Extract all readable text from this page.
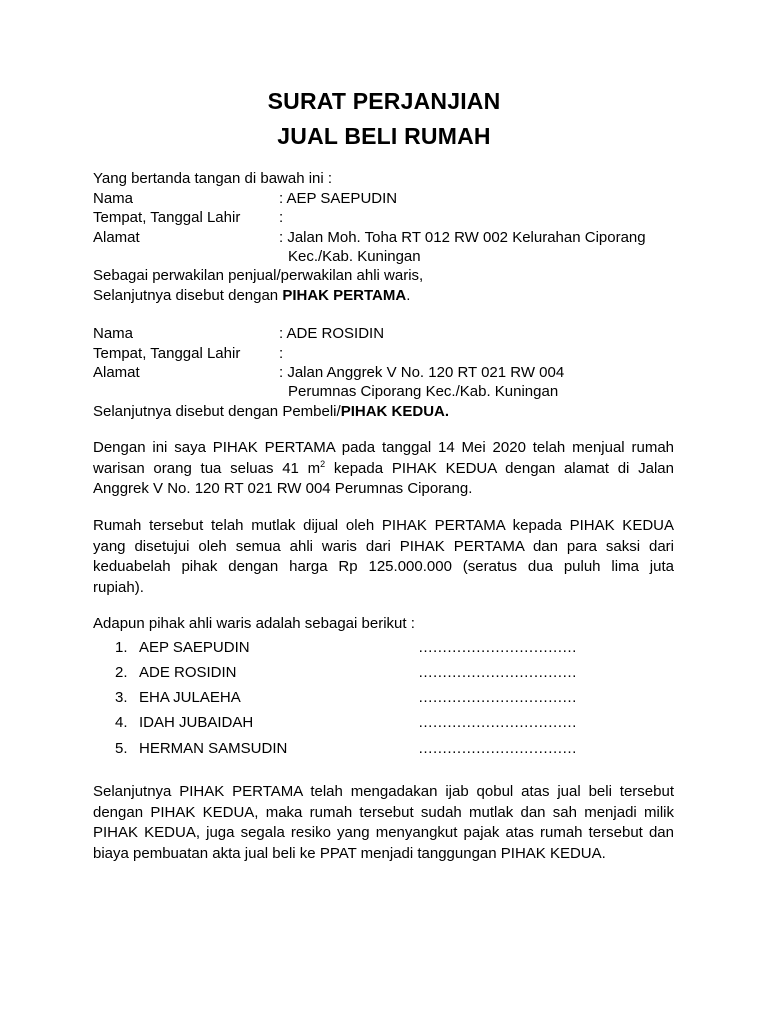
SURAT PERJANJIAN
JUAL BELI RUMAH
Yang bertanda tangan di bawah ini :
Nama	: AEP SAEPUDIN
Tempat, Tanggal Lahir	:
Alamat	: Jalan Moh. Toha RT 012 RW 002 Kelurahan Ciporang
Kec./Kab. Kuningan
Sebagai perwakilan penjual/perwakilan ahli waris,
Selanjutnya disebut dengan PIHAK PERTAMA.
Nama	: ADE ROSIDIN
Tempat, Tanggal Lahir	:
Alamat	: Jalan Anggrek V No. 120 RT 021 RW 004
Perumnas Ciporang Kec./Kab. Kuningan
Selanjutnya disebut dengan Pembeli/PIHAK KEDUA.
Dengan ini saya PIHAK PERTAMA pada tanggal 14 Mei 2020 telah menjual rumah
warisan orang tua seluas 41 $m^2$ kepada PIHAK KEDUA dengan alamat di Jalan
Anggrek V No. 120 RT 021 RW 004 Perumnas Ciporang.
Rumah tersebut telah mutlak dijual oleh PIHAK PERTAMA kepada PIHAK KEDUA
yang disetujui oleh semua ahli waris dari PIHAK PERTAMA dan para saksi dari
keduabelah pihak dengan harga Rp 125.000.000 (seratus dua puluh lima juta
rupiah).
Adapun pihak ahli waris adalah sebagai berikut :
1. AEP SAEPUDIN	……………………………
2. ADE ROSIDIN	……………………………
3. EHA JULAEHA	……………………………
4. IDAH JUBAIDAH	……………………………
5. HERMAN SAMSUDIN	……………………………
Selanjutnya PIHAK PERTAMA telah mengadakan ijab qobul atas jual beli tersebut
dengan PIHAK KEDUA, maka rumah tersebut sudah mutlak dan sah menjadi milik
PIHAK KEDUA, juga segala resiko yang menyangkut pajak atas rumah tersebut dan
biaya pembuatan akta jual beli ke PPAT menjadi tanggungan PIHAK KEDUA.
